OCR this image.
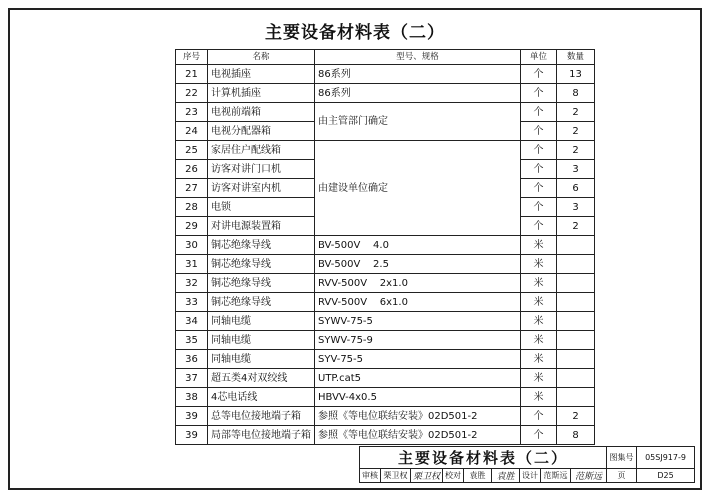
主要设备材料表（二）
序号	名称	型号、规格	单位	数量
21	电视插座	86系列	个	13
22	计算机插座	86系列	个	8
23	电视前端箱	由主管部门确定	个	2
24	电视分配器箱		个	2
25	家居住户配线箱	由建设单位确定	个	2
26	访客对讲门口机		个	3
27	访客对讲室内机		个	6
28	电锁		个	3
29	对讲电源装置箱		个	2
30	铜芯绝缘导线	BV-500V    4.0	米	
31	铜芯绝缘导线	BV-500V    2.5	米	
32	铜芯绝缘导线	RVV-500V    2x1.0	米	
33	铜芯绝缘导线	RVV-500V    6x1.0	米	
34	同轴电缆	SYWV-75-5	米	
35	同轴电缆	SYWV-75-9	米	
36	同轴电缆	SYV-75-5	米	
37	超五类4对双绞线	UTP.cat5	米	
38	4芯电话线	HBVV-4x0.5	米	
39	总等电位接地端子箱	参照《等电位联结安装》02D501-2	个	2
39	局部等电位接地端子箱	参照《等电位联结安装》02D501-2	个	8
主要设备材料表（二）									图集号	05SJ917-9
审核	栗卫权	栗卫权	校对	袁胜	袁胜	设计	范斯远	范斯远	页	D25
